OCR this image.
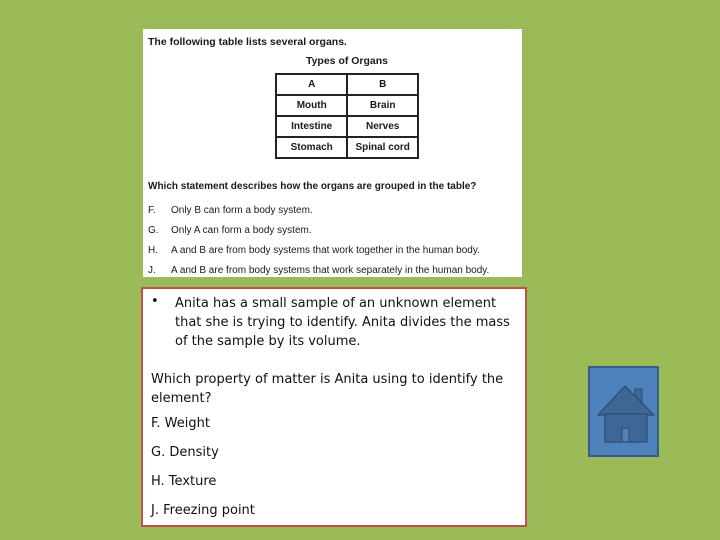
The following table lists several organs.
Types of Organs
A	B
Mouth	Brain
Intestine	Nerves
Stomach	Spinal cord
Which statement describes how the organs are grouped in the table?
F.	Only B can form a body system.
G.	Only A can form a body system.
H.	A and B are from body systems that work together in the human body.
J.	A and B are from body systems that work separately in the human body.
•	Anita has a small sample of an unknown element that she is trying to identify. Anita divides the mass of the sample by its volume.
Which property of matter is Anita using to identify the element?
F. Weight
G. Density
H. Texture
J. Freezing point
